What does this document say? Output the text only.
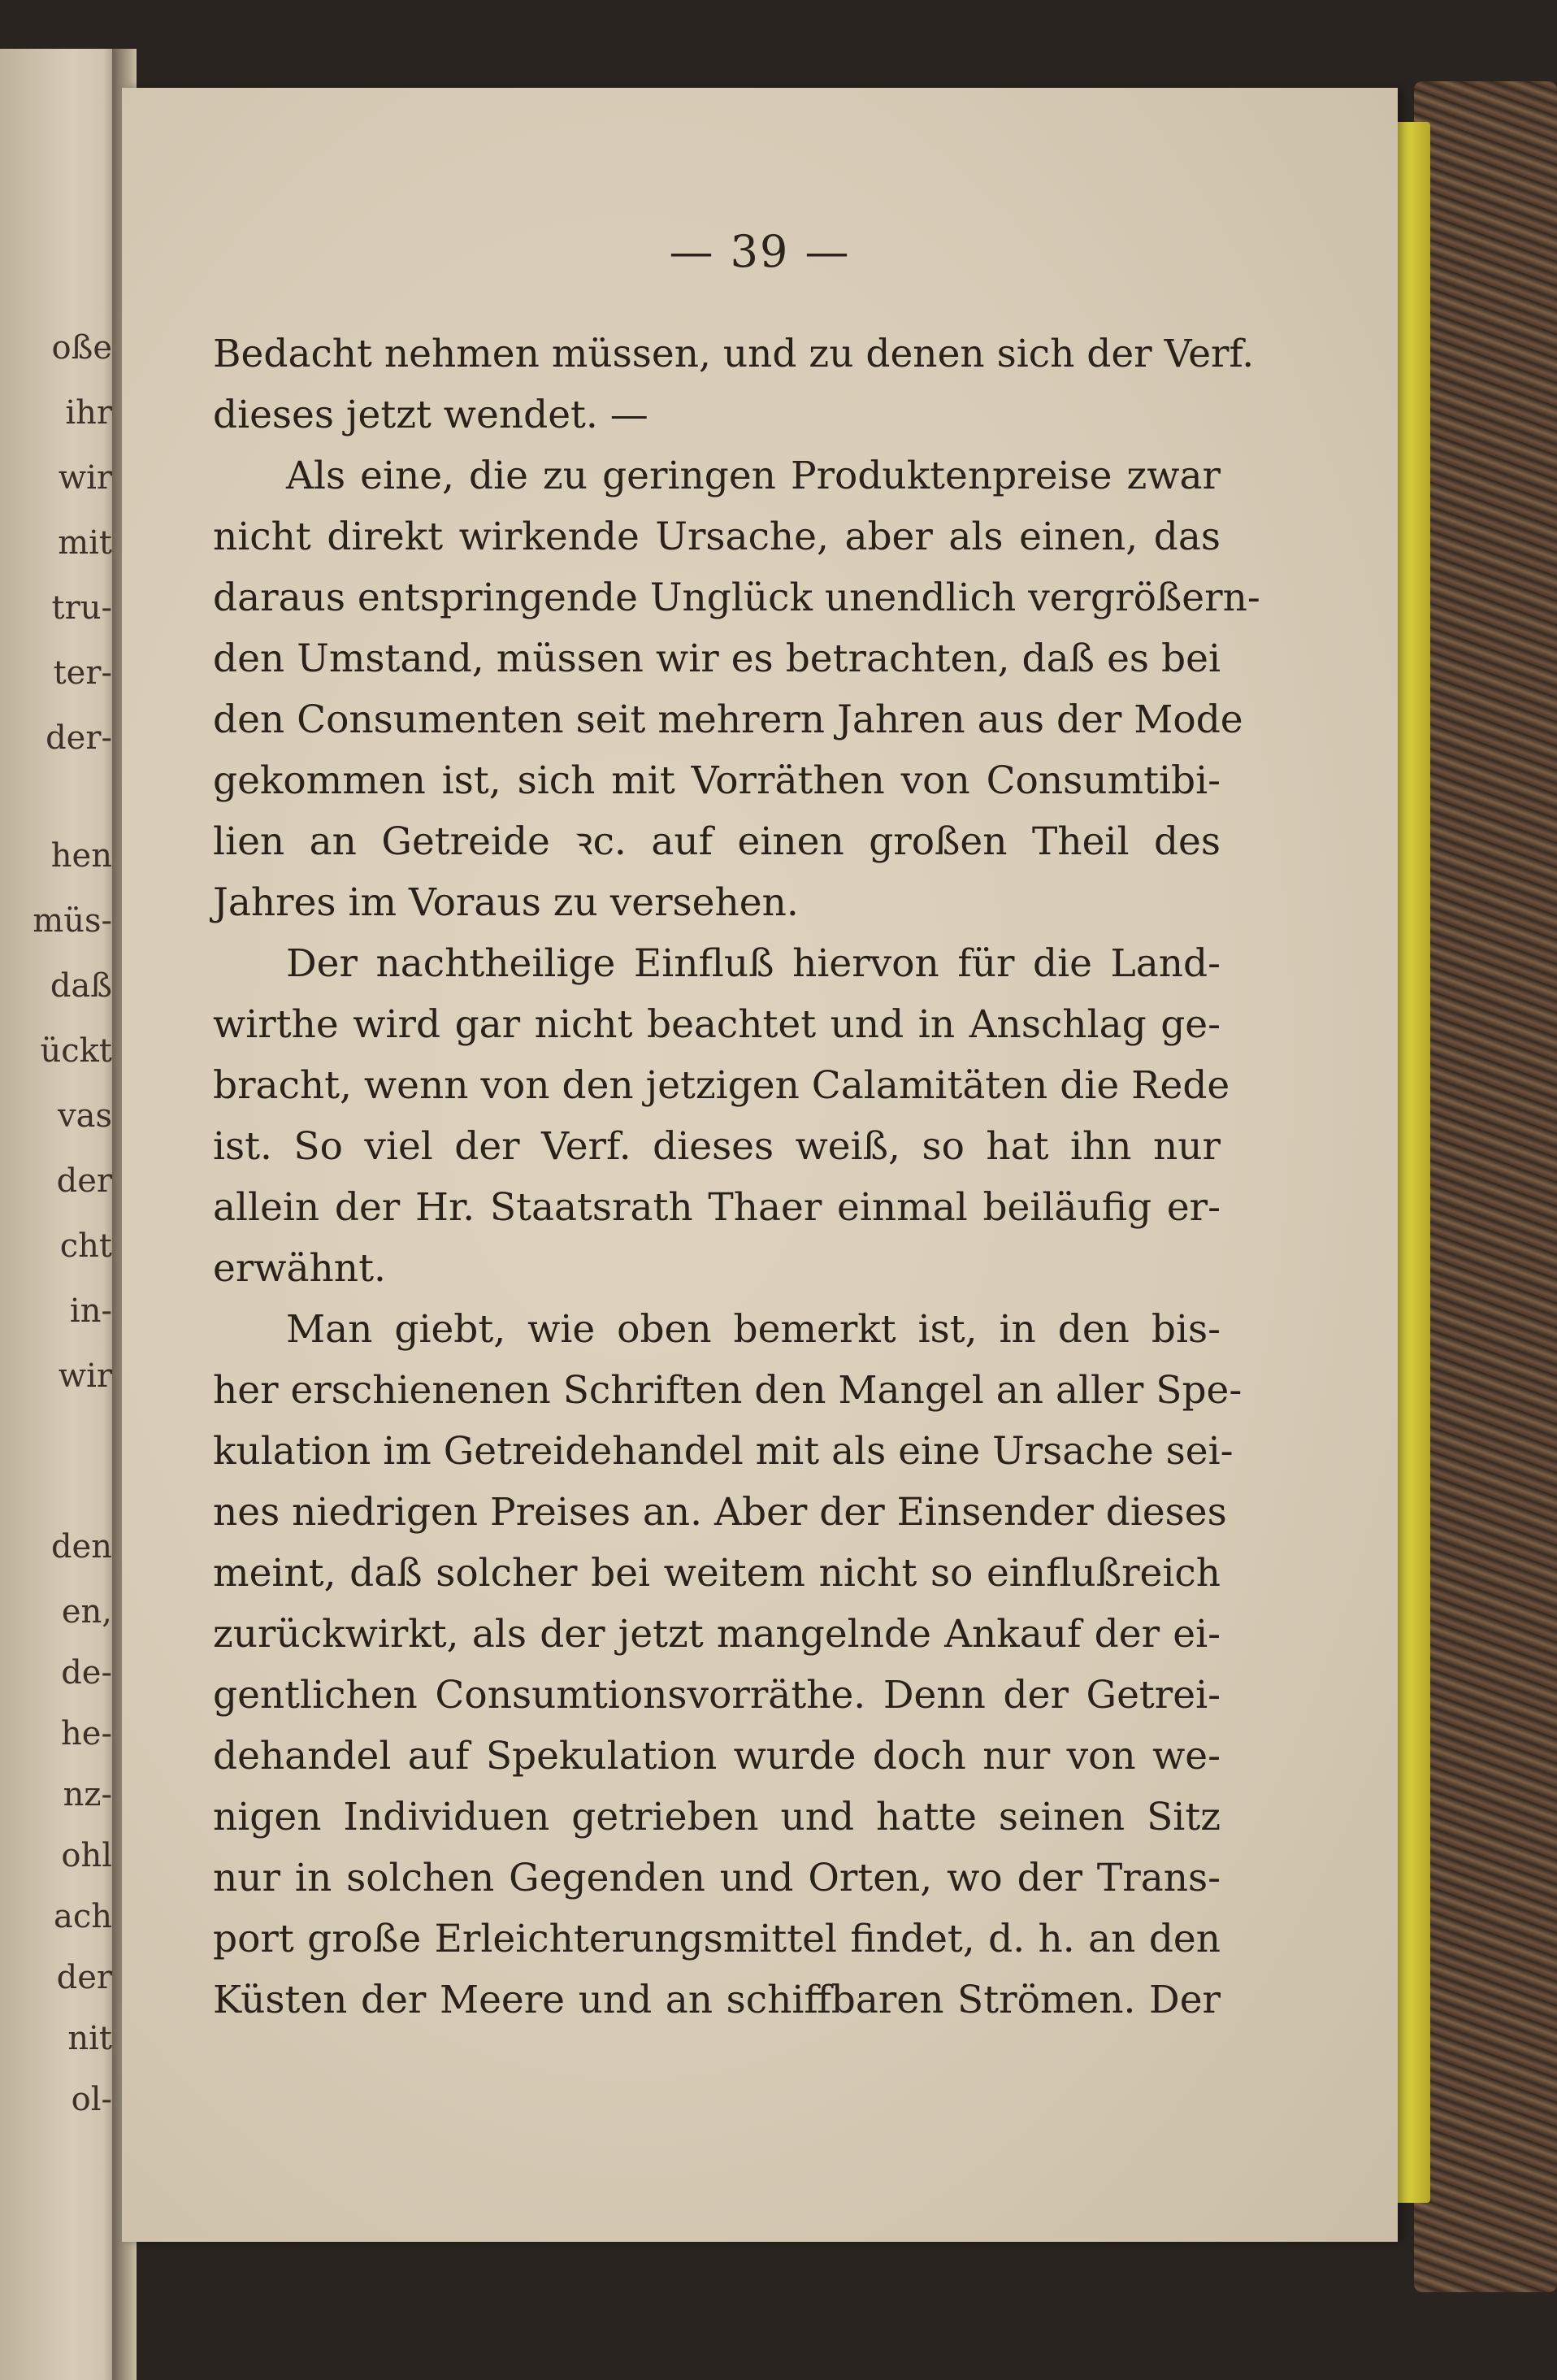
oße
ihr
wir
mit
tru-
ter-
der-
hen
müs-
daß
ückt
vas
der
cht
in-
wir
den
en,
de-
he-
nz-
ohl
ach
der
nit
ol-
— 39 —
Bedacht nehmen müssen, und zu denen sich der Verf.
dieses jetzt wendet. —
Als eine, die zu geringen Produktenpreise zwar
nicht direkt wirkende Ursache, aber als einen, das
daraus entspringende Unglück unendlich vergrößern-
den Umstand, müssen wir es betrachten, daß es bei
den Consumenten seit mehrern Jahren aus der Mode
gekommen ist, sich mit Vorräthen von Consumtibi-
lien an Getreide ꝛc. auf einen großen Theil des
Jahres im Voraus zu versehen.
Der nachtheilige Einfluß hiervon für die Land-
wirthe wird gar nicht beachtet und in Anschlag ge-
bracht, wenn von den jetzigen Calamitäten die Rede
ist. So viel der Verf. dieses weiß, so hat ihn nur
allein der Hr. Staatsrath Thaer einmal beiläufig er-
erwähnt.
Man giebt, wie oben bemerkt ist, in den bis-
her erschienenen Schriften den Mangel an aller Spe-
kulation im Getreidehandel mit als eine Ursache sei-
nes niedrigen Preises an. Aber der Einsender dieses
meint, daß solcher bei weitem nicht so einflußreich
zurückwirkt, als der jetzt mangelnde Ankauf der ei-
gentlichen Consumtionsvorräthe. Denn der Getrei-
dehandel auf Spekulation wurde doch nur von we-
nigen Individuen getrieben und hatte seinen Sitz
nur in solchen Gegenden und Orten, wo der Trans-
port große Erleichterungsmittel findet, d. h. an den
Küsten der Meere und an schiffbaren Strömen. Der
